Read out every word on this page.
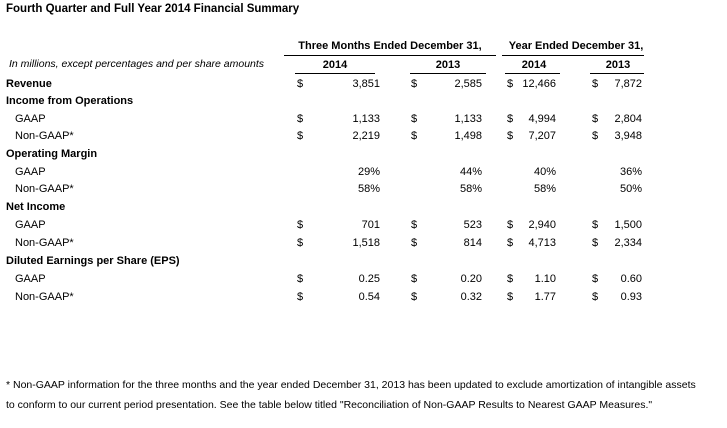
Fourth Quarter and Full Year 2014 Financial Summary
Three Months Ended December 31,	Year Ended December 31,
In millions, except percentages and per share amounts	2014	2013	2014	2013
Revenue	$	3,851	$	2,585 $ 12,466	$	7,872
Income from Operations
GAAP	$	1,133	$	1,133 $	4,994	$	2,804
Non-GAAP*	$	2,219	$	1,498 $	7,207	$	3,948
Operating Margin
GAAP	29%	44%	40%	36%
Non-GAAP*	58%	58%	58%	50%
Net Income
GAAP	$	701	$	523 $	2,940	$	1,500
Non-GAAP*	$	1,518	$	814 $	4,713	$	2,334
Diluted Earnings per Share (EPS)
GAAP	$	0.25	$	0.20 $	1.10	$	0.60
Non-GAAP*	$	0.54	$	0.32 $	1.77	$	0.93
* Non-GAAP information for the three months and the year ended December 31, 2013 has been updated to exclude amortization of intangible assets
to conform to our current period presentation. See the table below titled "Reconciliation of Non-GAAP Results to Nearest GAAP Measures."
